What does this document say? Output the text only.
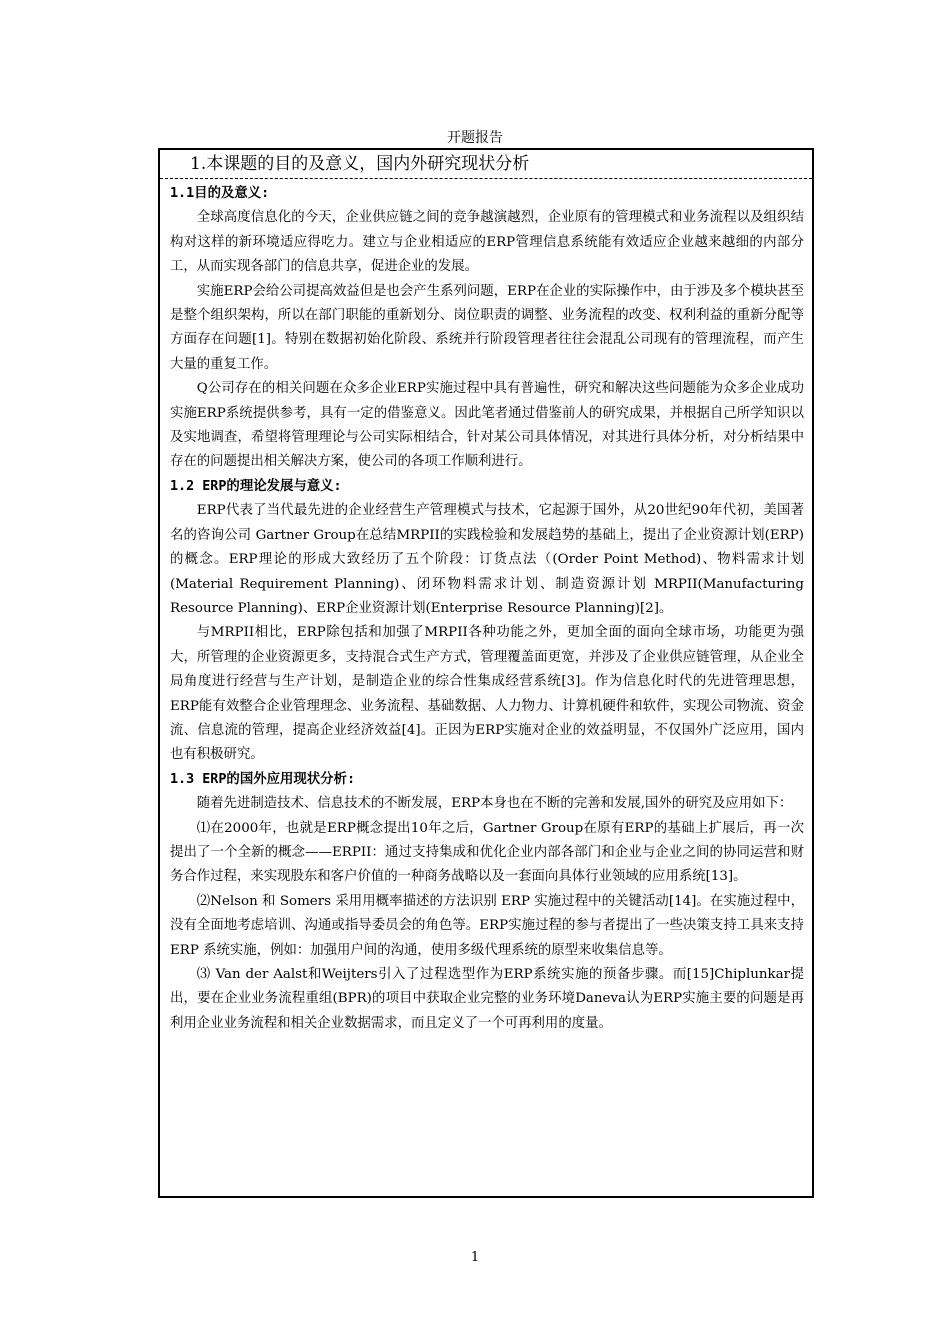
开题报告
1.本课题的目的及意义，国内外研究现状分析

1.1目的及意义:

全球高度信息化的今天，企业供应链之间的竞争越演越烈，企业原有的管理模式和业务流程以及组织结构对这样的新环境适应得吃力。建立与企业相适应的ERP管理信息系统能有效适应企业越来越细的内部分工，从而实现各部门的信息共享，促进企业的发展。

实施ERP会给公司提高效益但是也会产生系列问题，ERP在企业的实际操作中，由于涉及多个模块甚至是整个组织架构，所以在部门职能的重新划分、岗位职责的调整、业务流程的改变、权利利益的重新分配等方面存在问题[1]。特别在数据初始化阶段、系统并行阶段管理者往往会混乱公司现有的管理流程，而产生大量的重复工作。

Q公司存在的相关问题在众多企业ERP实施过程中具有普遍性，研究和解决这些问题能为众多企业成功实施ERP系统提供参考，具有一定的借鉴意义。因此笔者通过借鉴前人的研究成果，并根据自己所学知识以及实地调查，希望将管理理论与公司实际相结合，针对某公司具体情况，对其进行具体分析，对分析结果中存在的问题提出相关解决方案，使公司的各项工作顺利进行。

1.2 ERP的理论发展与意义:

ERP代表了当代最先进的企业经营生产管理模式与技术，它起源于国外，从20世纪90年代初，美国著名的咨询公司 Gartner Group在总结MRPII的实践检验和发展趋势的基础上，提出了企业资源计划(ERP)的概念。ERP理论的形成大致经历了五个阶段：订货点法（(Order Point Method)、物料需求计划(Material Requirement Planning)、闭环物料需求计划、制造资源计划 MRPII(Manufacturing Resource Planning)、ERP企业资源计划(Enterprise Resource Planning)[2]。

与MRPII相比，ERP除包括和加强了MRPII各种功能之外，更加全面的面向全球市场，功能更为强大，所管理的企业资源更多，支持混合式生产方式，管理覆盖面更宽，并涉及了企业供应链管理，从企业全局角度进行经营与生产计划，是制造企业的综合性集成经营系统[3]。作为信息化时代的先进管理思想，ERP能有效整合企业管理理念、业务流程、基础数据、人力物力、计算机硬件和软件，实现公司物流、资金流、信息流的管理，提高企业经济效益[4]。正因为ERP实施对企业的效益明显，不仅国外广泛应用，国内也有积极研究。

1.3 ERP的国外应用现状分析:

随着先进制造技术、信息技术的不断发展，ERP本身也在不断的完善和发展,国外的研究及应用如下：

⑴在2000年，也就是ERP概念提出10年之后，Gartner Group在原有ERP的基础上扩展后，再一次提出了一个全新的概念——ERPII：通过支持集成和优化企业内部各部门和企业与企业之间的协同运营和财务合作过程，来实现股东和客户价值的一种商务战略以及一套面向具体行业领域的应用系统[13]。

⑵Nelson 和 Somers 采用用概率描述的方法识别 ERP 实施过程中的关键活动[14]。在实施过程中，没有全面地考虑培训、沟通或指导委员会的角色等。ERP实施过程的参与者提出了一些决策支持工具来支持 ERP 系统实施，例如：加强用户间的沟通，使用多级代理系统的原型来收集信息等。

⑶ Van der Aalst和Weijters引入了过程选型作为ERP系统实施的预备步骤。而[15]Chiplunkar提出，要在企业业务流程重组(BPR)的项目中获取企业完整的业务环境Daneva认为ERP实施主要的问题是再利用企业业务流程和相关企业数据需求，而且定义了一个可再利用的度量。

1
